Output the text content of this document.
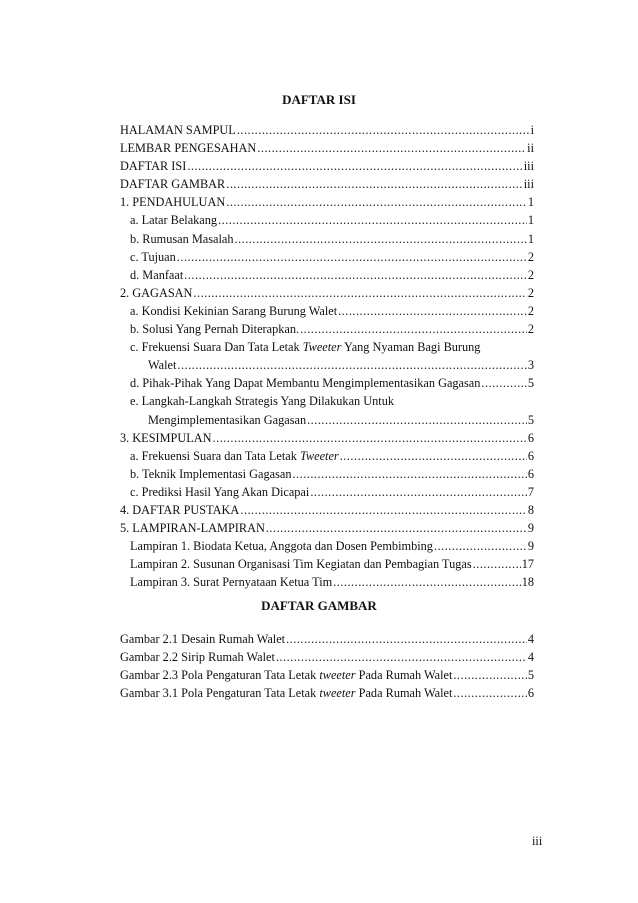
DAFTAR ISI
HALAMAN SAMPUL .....	i
LEMBAR PENGESAHAN .....	ii
DAFTAR ISI .....	iii
DAFTAR GAMBAR .....	iii
1. PENDAHULUAN .....	1
a. Latar Belakang .....	1
b. Rumusan Masalah .....	1
c. Tujuan .....	2
d. Manfaat .....	2
2. GAGASAN .....	2
a. Kondisi Kekinian Sarang Burung Walet .....	2
b. Solusi Yang Pernah Diterapkan. .....	2
c. Frekuensi Suara Dan Tata Letak Tweeter Yang Nyaman Bagi Burung
Walet .....	3
d. Pihak-Pihak Yang Dapat Membantu Mengimplementasikan Gagasan .....	5
e. Langkah-Langkah Strategis Yang Dilakukan Untuk
Mengimplementasikan Gagasan .....	5
3. KESIMPULAN .....	6
a. Frekuensi Suara dan Tata Letak Tweeter .....	6
b. Teknik Implementasi Gagasan .....	6
c. Prediksi Hasil Yang Akan Dicapai .....	7
4. DAFTAR PUSTAKA .....	8
5. LAMPIRAN-LAMPIRAN .....	9
Lampiran 1. Biodata Ketua, Anggota dan Dosen Pembimbing .....	9
Lampiran 2. Susunan Organisasi Tim Kegiatan dan Pembagian Tugas .....	17
Lampiran 3. Surat Pernyataan Ketua Tim .....	18
DAFTAR GAMBAR
Gambar 2.1 Desain Rumah Walet .....	4
Gambar 2.2 Sirip Rumah Walet .....	4
Gambar 2.3 Pola Pengaturan Tata Letak tweeter Pada Rumah Walet .....	5
Gambar 3.1 Pola Pengaturan Tata Letak tweeter Pada Rumah Walet .....	6
iii
